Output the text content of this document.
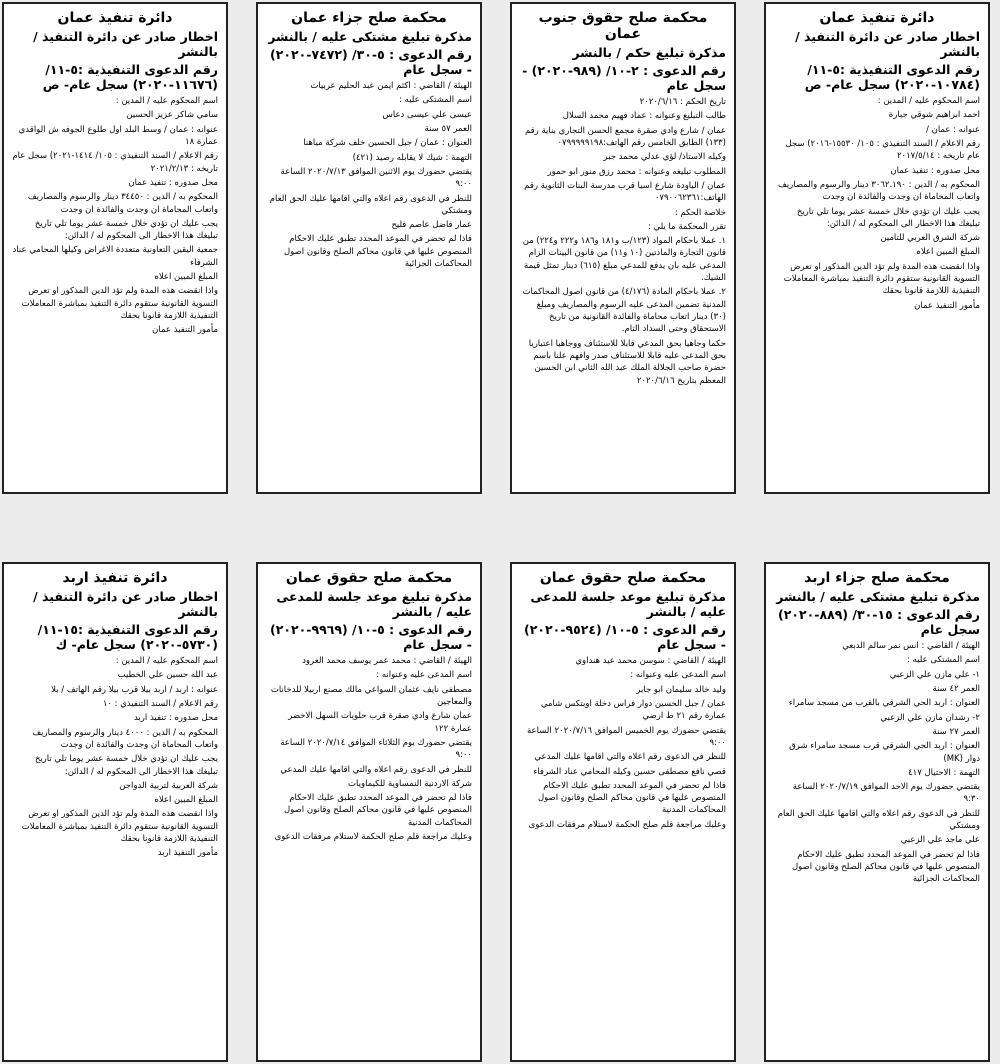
دائرة تنفيذ عمان
اخطار صادر عن دائرة التنفيذ / بالنشر
رقم الدعوى التنفيذية :٥-١١/ (١١٦٧٦-٢٠٢٠) سجل عام- ص

اسم المحكوم عليه / المدين :

سامي شاكر عزيز الحسين

عنوانه : عمان / وسط البلد اول طلوع الجوفه ش الواقدي عمارة ١٨

رقم الاعلام / السند التنفيذي : ١٠٥/ ١٤١٤-٢٠٢١) سجل عام تاريخه : ٢٠٢١/٢/١٣

محل صدوره : تنفيذ عمان

المحكوم به / الدين : ٣٤٤٥٠ دينار والرسوم والمصاريف واتعاب المحاماة ان وجدت والفائدة ان وجدت

يجب عليك ان تؤدي خلال خمسة عشر يوما تلي تاريخ تبليغك هذا الاخطار الى المحكوم له / الدائن:

جمعية اليقين التعاونية متعددة الاغراض وكيلها المحامي عناد الشرفاء

المبلغ المبين اعلاه

واذا انقضت هذه المدة ولم تؤد الدين المذكور او تعرض التسوية القانونية ستقوم دائرة التنفيذ بمباشرة المعاملات التنفيذية اللازمة قانونا بحقك

مأمور التنفيذ عمان

محكمة صلح جزاء عمان
مذكرة تبليغ مشتكى عليه / بالنشر
رقم الدعوى : ٥-٣٠/ (٧٤٧٢-٢٠٢٠) - سجل عام

الهيئة / القاضي : اكثم ايمن عبد الحليم عربيات

اسم المشتكى عليه :

عيسى علي عيسى دعاس

العمر ٥٧ سنة

العنوان : عمان / جبل الحسين خلف شركة مياهنا

التهمة : شيك لا يقابله رصيد (٤٢١)

يقتضي حضورك يوم الاثنين الموافق ٢٠٢٠/٧/١٣ الساعة ٩:٠٠

للنظر في الدعوى رقم اعلاه والتي اقامها عليك الحق العام ومشتكي

عمار فاضل عاصم فليح

فاذا لم تحضر في الموعد المحدد تطبق عليك الاحكام المنصوص عليها في قانون محاكم الصلح وقانون اصول المحاكمات الجزائية

محكمة صلح حقوق جنوب عمان
مذكرة تبليغ حكم / بالنشر
رقم الدعوى : ٢-١٠/ (٩٨٩-٢٠٢٠) - سجل عام

تاريخ الحكم : ٢٠٢٠/٦/١٦

طالب التبليغ وعنوانه : عماد فهيم محمد السلال

عمان / شارع وادي صقرة مجمع الحسن التجاري بناية رقم (١٣٣) الطابق الخامس رقم الهاتف:٠٧٩٩٩٩٩١٩٨

وكيله الاستاذ/ لؤي عدلي محمد جبر

المطلوب تبليغه وعنوانه : محمد رزق منور ابو حمور

عمان / الياودة شارع اسيا قرب مدرسة البنات الثانوية رقم الهاتف:٠٧٩٠٠٦٢٣٦١

خلاصة الحكم :

تقرر المحكمة ما يلي :

١. عملا باحكام المواد (١٢٣/ب و١٨١ و١٨٦ و٢٢٢ و٢٢٤) من قانون التجارة والمادتين (١٠ و١١) من قانون البينات الزام المدعى عليه بان يدفع للمدعي مبلغ (٦١٥) دينار تمثل قيمة الشيك.

٢. عملا باحكام المادة (٤/١٧٦) من قانون اصول المحاكمات المدنية تضمين المدعى عليه الرسوم والمصاريف ومبلغ (٣٠) دينار اتعاب محاماة والفائدة القانونية من تاريخ الاستحقاق وحتى السداد التام.

حكما وجاهيا بحق المدعي قابلا للاستئناف ووجاهيا اعتباريا بحق المدعى عليه قابلا للاستئناف صدر وافهم علنا باسم حضرة صاحب الجلالة الملك عبد الله الثاني ابن الحسين المعظم بتاريخ ٢٠٢٠/٦/١٦

دائرة تنفيذ عمان
اخطار صادر عن دائرة التنفيذ / بالنشر
رقم الدعوى التنفيذية :٥-١١/ (١٠٧٨٤-٢٠٢٠) سجل عام- ص

اسم المحكوم عليه / المدين :

احمد ابراهيم شوقي جبارة

عنوانه : عمان /

رقم الاعلام / السند التنفيذي : ١٠٥/ ١٥٥٣٠-٢٠١٦) سجل عام تاريخه : ٢٠١٧/٥/١٤

محل صدوره : تنفيذ عمان

المحكوم به / الدين : ٣٠٦٢.١٩٠ دينار والرسوم والمصاريف واتعاب المحاماة ان وجدت والفائدة ان وجدت

يجب عليك ان تؤدي خلال خمسة عشر يوما تلي تاريخ تبليغك هذا الاخطار الى المحكوم له / الدائن:

شركة الشرق العربي للتامين

المبلغ المبين اعلاه

واذا انقضت هذه المدة ولم تؤد الدين المذكور او تعرض التسوية القانونية ستقوم دائرة التنفيذ بمباشرة المعاملات التنفيذية اللازمة قانونا بحقك

مأمور التنفيذ عمان

دائرة تنفيذ اربد
اخطار صادر عن دائرة التنفيذ / بالنشر
رقم الدعوى التنفيذية :١٥-١١/ (٥٧٣٠-٢٠٢٠) سجل عام- ك

اسم المحكوم عليه / المدين :

عبد الله حسين علي الخطيب

عنوانه : اربد / اربد بيلا قرب بيلا رقم الهاتف / بلا

رقم الاعلام / السند التنفيذي : ١٠

محل صدوره : تنفيذ اربد

المحكوم به / الدين : ٤٠٠٠ دينار والرسوم والمصاريف واتعاب المحاماة ان وجدت والفائدة ان وجدت

يجب عليك ان تؤدي خلال خمسة عشر يوما تلي تاريخ تبليغك هذا الاخطار الى المحكوم له / الدائن:

شركة العربية لتربية الدواجن

المبلغ المبين اعلاه

واذا انقضت هذه المدة ولم تؤد الدين المذكور او تعرض التسوية القانونية ستقوم دائرة التنفيذ بمباشرة المعاملات التنفيذية اللازمة قانونا بحقك

مأمور التنفيذ اربد

محكمة صلح حقوق عمان
مذكرة تبليغ موعد جلسة للمدعى عليه / بالنشر
رقم الدعوى : ٥-١٠/ (٩٩٦٩-٢٠٢٠) - سجل عام

الهيئة / القاضي : محمد عمر يوسف محمد العرود

اسم المدعى عليه وعنوانه :

مصطفى نايف عثمان السواعي مالك مصنع اربيلا للدخانات والمعاجين

عمان شارع وادي صقرة قرب حلويات السهل الاخضر عمارة ١٢٢

يقتضي حضورك يوم الثلاثاء الموافق ٢٠٢٠/٧/١٤ الساعة ٩:٠٠

للنظر في الدعوى رقم اعلاه والتي اقامها عليك المدعي

شركة الاردنية النمساوية للكيماويات

فاذا لم تحضر في الموعد المحدد تطبق عليك الاحكام المنصوص عليها في قانون محاكم الصلح وقانون اصول المحاكمات المدنية

وعليك مراجعة قلم صلح الحكمة لاستلام مرفقات الدعوى

محكمة صلح حقوق عمان
مذكرة تبليغ موعد جلسة للمدعى عليه / بالنشر
رقم الدعوى : ٥-١٠/ (٩٥٢٤-٢٠٢٠) - سجل عام

الهيئة / القاضي : سوسن محمد عيد هنداوي

اسم المدعى عليه وعنوانه :

وليد خالد سليمان ابو جابر

عمان / جبل الحسين دوار فراس دخلة اوبتكس شامي عمارة رقم ٢١ ط ارضي

يقتضي حضورك يوم الخميس الموافق ٢٠٢٠/٧/١٦ الساعة ٩:٠٠

للنظر في الدعوى رقم اعلاه والتي اقامها عليك المدعي

قصي نافع مصطفى حسين وكيله المحامي عناد الشرفاء

فاذا لم تحضر في الموعد المحدد تطبق عليك الاحكام المنصوص عليها في قانون محاكم الصلح وقانون اصول المحاكمات المدنية

وعليك مراجعة قلم صلح الحكمة لاستلام مرفقات الدعوى

محكمة صلح جزاء اربد
مذكرة تبليغ مشتكى عليه / بالنشر
رقم الدعوى : ١٥-٣٠/ (٨٨٩-٢٠٢٠) سجل عام

الهيئة / القاضي : انس نمر سالم الدبعي

اسم المشتكى عليه :

١- علي مازن علي الزعبي

العمر ٤٢ سنة

العنوان : اربد الحي الشرقي بالقرب من مسجد سامراء

٢- رشدان مازن علي الزعبي

العمر ٢٧ سنة

العنوان : اربد الحي الشرقي قرب مسجد سامراء شرق دوار (MK)

التهمة : الاحتيال ٤١٧

يقتضي حضورك يوم الاحد الموافق ٢٠٢٠/٧/١٩ الساعة ٩:٣٠

للنظر في الدعوى رقم اعلاه والتي اقامها عليك الحق العام ومشتكي

علي ماجد علي الزعبي

فاذا لم تحضر في الموعد المحدد تطبق عليك الاحكام المنصوص عليها في قانون محاكم الصلح وقانون اصول المحاكمات الجزائية
